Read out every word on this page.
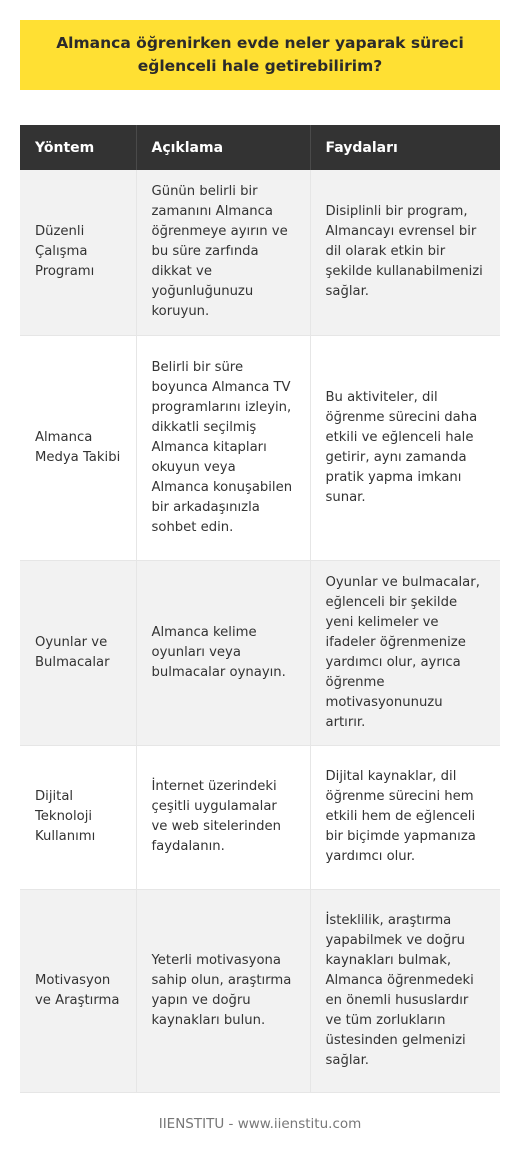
Almanca öğrenirken evde neler yaparak süreci eğlenceli hale getirebilirim?
Yöntem	Açıklama	Faydaları
Düzenli Çalışma Programı	Günün belirli bir zamanını Almanca öğrenmeye ayırın ve bu süre zarfında dikkat ve yoğunluğunuzu koruyun.	Disiplinli bir program, Almancayı evrensel bir dil olarak etkin bir şekilde kullanabilmenizi sağlar.
Almanca Medya Takibi	Belirli bir süre boyunca Almanca TV programlarını izleyin, dikkatli seçilmiş Almanca kitapları okuyun veya Almanca konuşabilen bir arkadaşınızla sohbet edin.	Bu aktiviteler, dil öğrenme sürecini daha etkili ve eğlenceli hale getirir, aynı zamanda pratik yapma imkanı sunar.
Oyunlar ve Bulmacalar	Almanca kelime oyunları veya bulmacalar oynayın.	Oyunlar ve bulmacalar, eğlenceli bir şekilde yeni kelimeler ve ifadeler öğrenmenize yardımcı olur, ayrıca öğrenme motivasyonunuzu artırır.
Dijital Teknoloji Kullanımı	İnternet üzerindeki çeşitli uygulamalar ve web sitelerinden faydalanın.	Dijital kaynaklar, dil öğrenme sürecini hem etkili hem de eğlenceli bir biçimde yapmanıza yardımcı olur.
Motivasyon ve Araştırma	Yeterli motivasyona sahip olun, araştırma yapın ve doğru kaynakları bulun.	İsteklilik, araştırma yapabilmek ve doğru kaynakları bulmak, Almanca öğrenmedeki en önemli hususlardır ve tüm zorlukların üstesinden gelmenizi sağlar.
IIENSTITU - www.iienstitu.com
